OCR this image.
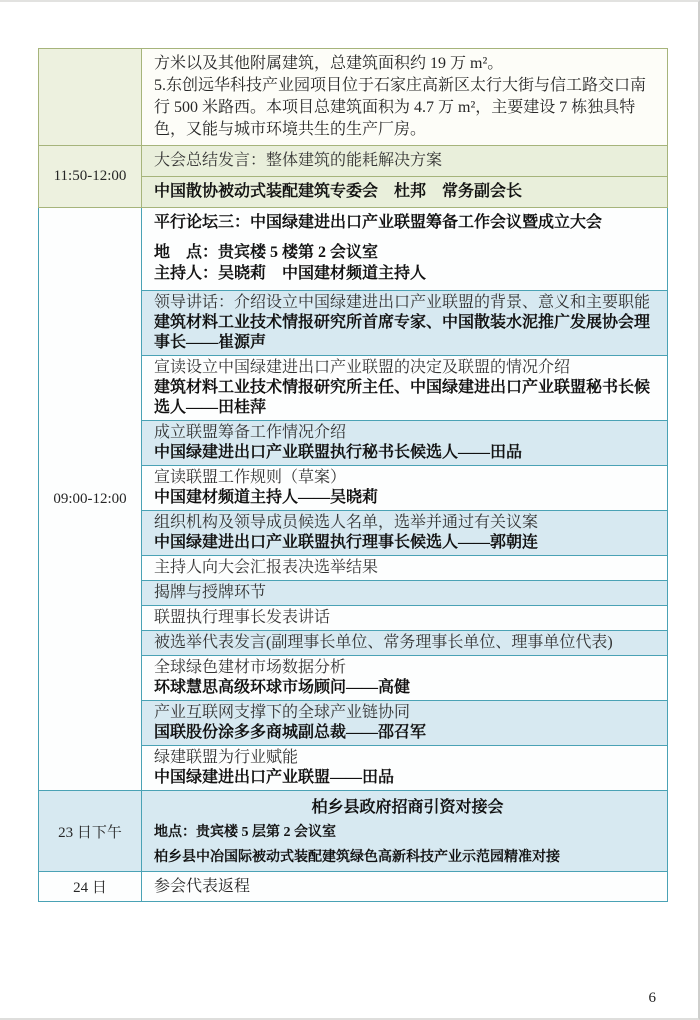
方米以及其他附属建筑，总建筑面积约 19 万 m²。

5.东创远华科技产业园项目位于石家庄高新区太行大街与信工路交口南行 500 米路西。本项目总建筑面积为 4.7 万 m²，主要建设 7 栋独具特色，又能与城市环境共生的生产厂房。

11:50-12:00

大会总结发言：整体建筑的能耗解决方案

中国散协被动式装配建筑专委会　杜邦　常务副会长

09:00-12:00

平行论坛三：中国绿建进出口产业联盟筹备工作会议暨成立大会

地　点：贵宾楼 5 楼第 2 会议室

主持人：吴晓莉　中国建材频道主持人

领导讲话：介绍设立中国绿建进出口产业联盟的背景、意义和主要职能

建筑材料工业技术情报研究所首席专家、中国散装水泥推广发展协会理事长——崔源声

宣读设立中国绿建进出口产业联盟的决定及联盟的情况介绍

建筑材料工业技术情报研究所主任、中国绿建进出口产业联盟秘书长候选人——田桂萍

成立联盟筹备工作情况介绍

中国绿建进出口产业联盟执行秘书长候选人——田品

宣读联盟工作规则（草案）

中国建材频道主持人——吴晓莉

组织机构及领导成员候选人名单，选举并通过有关议案

中国绿建进出口产业联盟执行理事长候选人——郭朝连

主持人向大会汇报表决选举结果

揭牌与授牌环节

联盟执行理事长发表讲话

被选举代表发言(副理事长单位、常务理事长单位、理事单位代表)

全球绿色建材市场数据分析

环球慧思高级环球市场顾问——高健

产业互联网支撑下的全球产业链协同

国联股份涂多多商城副总裁——邵召军

绿建联盟为行业赋能

中国绿建进出口产业联盟——田品

23 日下午

柏乡县政府招商引资对接会

地点：贵宾楼 5 层第 2 会议室

柏乡县中冶国际被动式装配建筑绿色高新科技产业示范园精准对接

24 日	参会代表返程
6
